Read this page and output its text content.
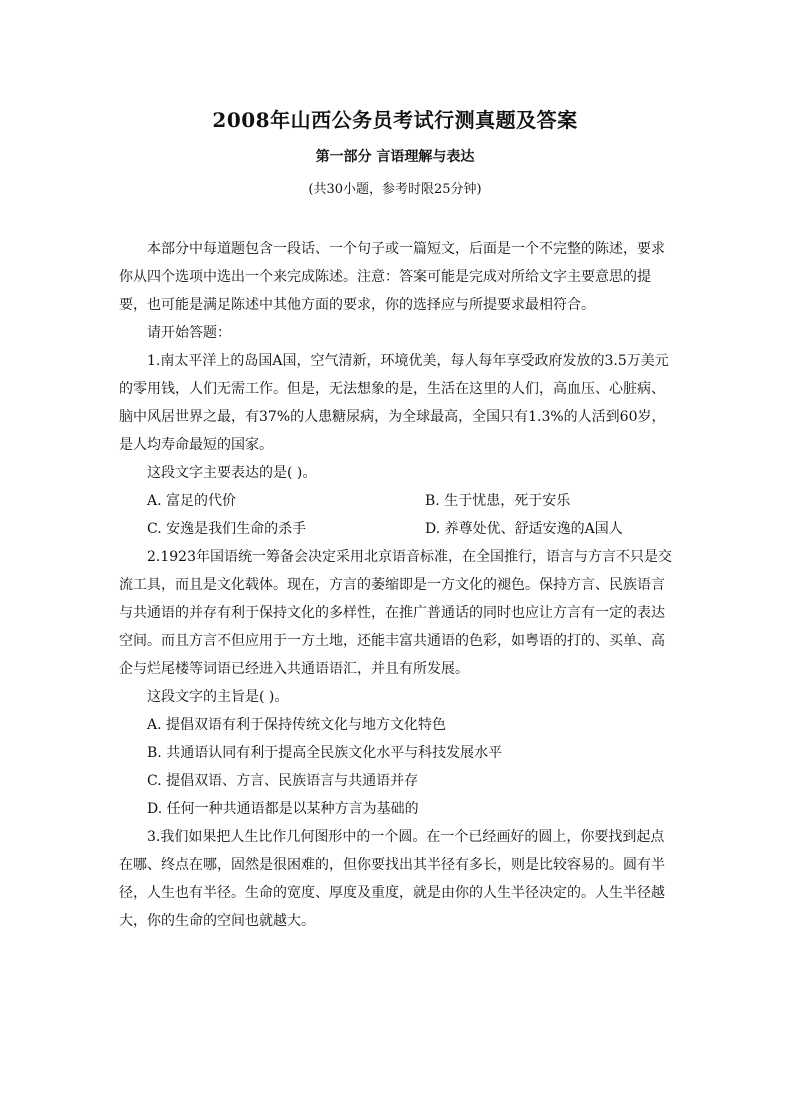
2008年山西公务员考试行测真题及答案
第一部分 言语理解与表达
(共30小题，参考时限25分钟)

本部分中每道题包含一段话、一个句子或一篇短文，后面是一个不完整的陈述，要求你从四个选项中选出一个来完成陈述。注意：答案可能是完成对所给文字主要意思的提要，也可能是满足陈述中其他方面的要求，你的选择应与所提要求最相符合。

请开始答题：

1.南太平洋上的岛国A国，空气清新，环境优美，每人每年享受政府发放的3.5万美元的零用钱，人们无需工作。但是，无法想象的是，生活在这里的人们，高血压、心脏病、脑中风居世界之最，有37%的人患糖尿病，为全球最高，全国只有1.3%的人活到60岁，是人均寿命最短的国家。

这段文字主要表达的是( )。

A. 富足的代价	B. 生于忧患，死于安乐
C. 安逸是我们生命的杀手	D. 养尊处优、舒适安逸的A国人

2.1923年国语统一筹备会决定采用北京语音标准，在全国推行，语言与方言不只是交流工具，而且是文化载体。现在，方言的萎缩即是一方文化的褪色。保持方言、民族语言与共通语的并存有利于保持文化的多样性，在推广普通话的同时也应让方言有一定的表达空间。而且方言不但应用于一方土地，还能丰富共通语的色彩，如粤语的打的、买单、高企与烂尾楼等词语已经进入共通语语汇，并且有所发展。

这段文字的主旨是( )。

A. 提倡双语有利于保持传统文化与地方文化特色

B. 共通语认同有利于提高全民族文化水平与科技发展水平

C. 提倡双语、方言、民族语言与共通语并存

D. 任何一种共通语都是以某种方言为基础的

3.我们如果把人生比作几何图形中的一个圆。在一个已经画好的圆上，你要找到起点在哪、终点在哪，固然是很困难的，但你要找出其半径有多长，则是比较容易的。圆有半径，人生也有半径。生命的宽度、厚度及重度，就是由你的人生半径决定的。人生半径越大，你的生命的空间也就越大。
